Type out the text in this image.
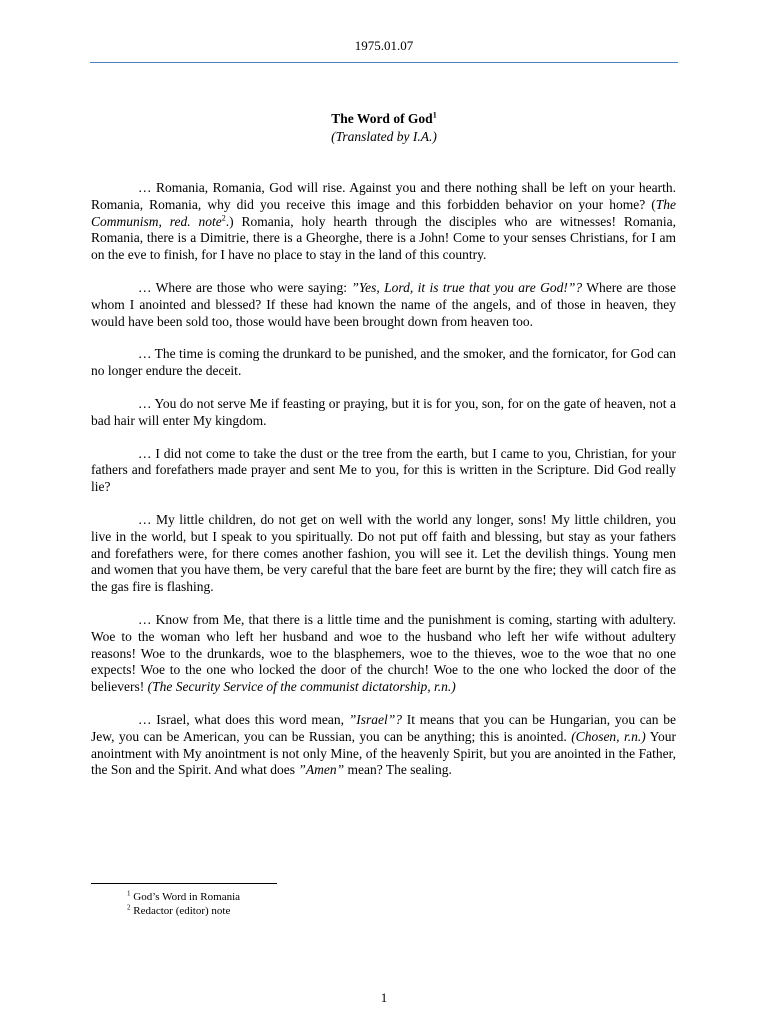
1975.01.07
The Word of God$^1$
(Translated by I.A.)

… Romania, Romania, God will rise. Against you and there nothing shall be left on your hearth. Romania, Romania, why did you receive this image and this forbidden behavior on your home? (The Communism, red. note$^2$.) Romania, holy hearth through the disciples who are witnesses! Romania, Romania, there is a Dimitrie, there is a Gheorghe, there is a John! Come to your senses Christians, for I am on the eve to finish, for I have no place to stay in the land of this country.

… Where are those who were saying: ”Yes, Lord, it is true that you are God!”? Where are those whom I anointed and blessed? If these had known the name of the angels, and of those in heaven, they would have been sold too, those would have been brought down from heaven too.

… The time is coming the drunkard to be punished, and the smoker, and the fornicator, for God can no longer endure the deceit.

… You do not serve Me if feasting or praying, but it is for you, son, for on the gate of heaven, not a bad hair will enter My kingdom.

… I did not come to take the dust or the tree from the earth, but I came to you, Christian, for your fathers and forefathers made prayer and sent Me to you, for this is written in the Scripture. Did God really lie?

… My little children, do not get on well with the world any longer, sons! My little children, you live in the world, but I speak to you spiritually. Do not put off faith and blessing, but stay as your fathers and forefathers were, for there comes another fashion, you will see it. Let the devilish things. Young men and women that you have them, be very careful that the bare feet are burnt by the fire; they will catch fire as the gas fire is flashing.

… Know from Me, that there is a little time and the punishment is coming, starting with adultery. Woe to the woman who left her husband and woe to the husband who left her wife without adultery reasons! Woe to the drunkards, woe to the blasphemers, woe to the thieves, woe to the woe that no one expects! Woe to the one who locked the door of the church! Woe to the one who locked the door of the believers! (The Security Service of the communist dictatorship, r.n.)

… Israel, what does this word mean, ”Israel”? It means that you can be Hungarian, you can be Jew, you can be American, you can be Russian, you can be anything; this is anointed. (Chosen, r.n.) Your anointment with My anointment is not only Mine, of the heavenly Spirit, but you are anointed in the Father, the Son and the Spirit. And what does ”Amen” mean? The sealing.

$^1$ God’s Word in Romania
$^2$ Redactor (editor) note
1
